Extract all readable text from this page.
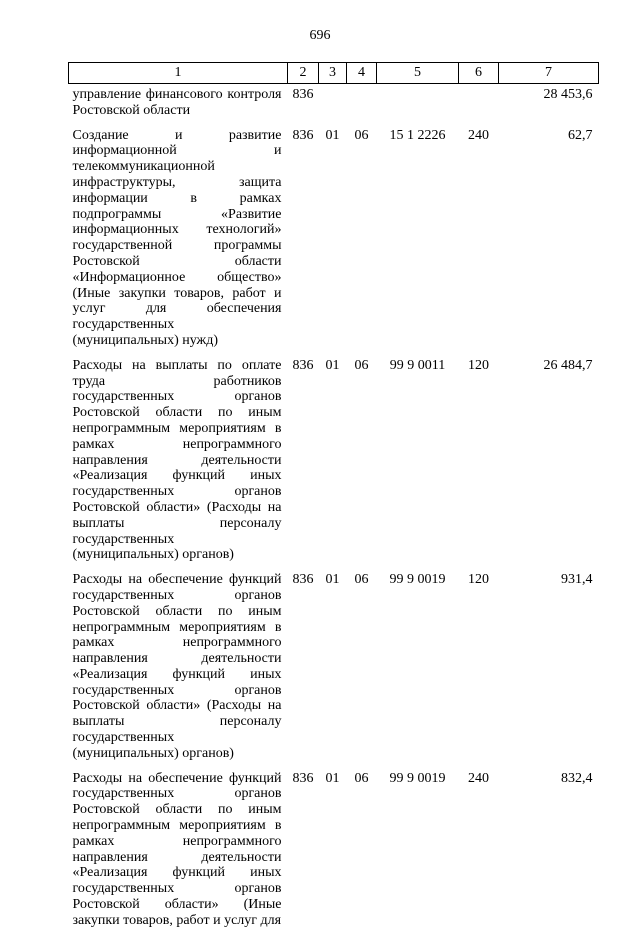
696
1	2	3	4	5	6	7
управление финансового контроля Ростовской области	836					28 453,6
Создание и развитие информационной и телекоммуникационной инфраструктуры, защита информации в рамках подпрограммы «Развитие информационных технологий» государственной программы Ростовской области «Информационное общество» (Иные закупки товаров, работ и услуг для обеспечения государственных (муниципальных) нужд)	836	01	06	15 1 2226	240	62,7
Расходы на выплаты по оплате труда работников государственных органов Ростовской области по иным непрограммным мероприятиям в рамках непрограммного направления деятельности «Реализация функций иных государственных органов Ростовской области» (Расходы на выплаты персоналу государственных (муниципальных) органов)	836	01	06	99 9 0011	120	26 484,7
Расходы на обеспечение функций государственных органов Ростовской области по иным непрограммным мероприятиям в рамках непрограммного направления деятельности «Реализация функций иных государственных органов Ростовской области» (Расходы на выплаты персоналу государственных (муниципальных) органов)	836	01	06	99 9 0019	120	931,4
Расходы на обеспечение функций государственных органов Ростовской области по иным непрограммным мероприятиям в рамках непрограммного направления деятельности «Реализация функций иных государственных органов Ростовской области» (Иные закупки товаров, работ и услуг для	836	01	06	99 9 0019	240	832,4
